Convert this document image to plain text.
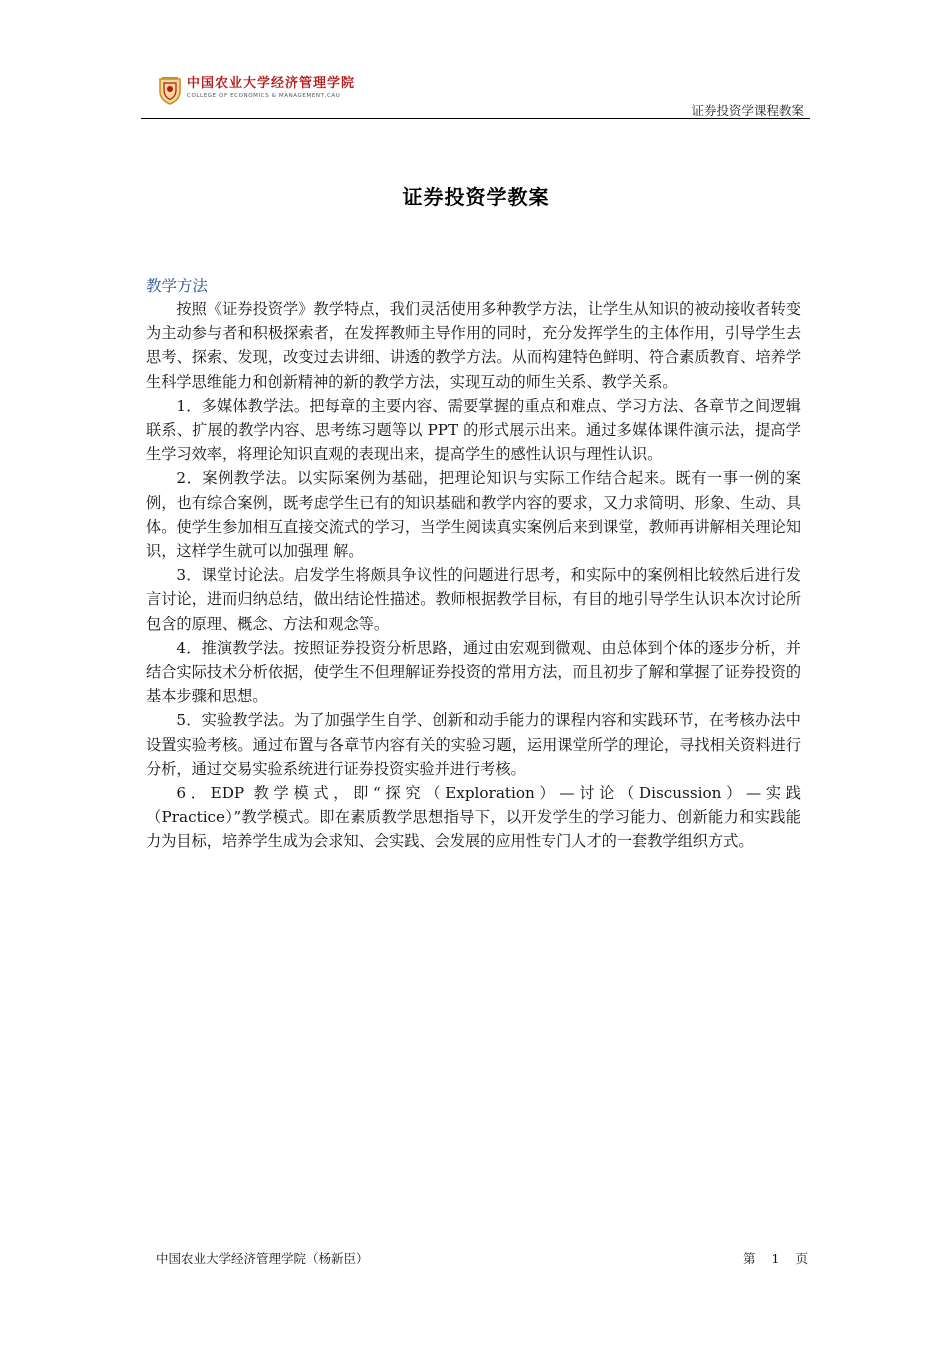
中国农业大学经济管理学院
COLLEGE OF ECONOMICS & MANAGEMENT,CAU
证券投资学课程教案
证券投资学教案
教学方法

按照《证券投资学》教学特点，我们灵活使用多种教学方法，让学生从知识的被动接收者转变为主动参与者和积极探索者，在发挥教师主导作用的同时，充分发挥学生的主体作用，引导学生去思考、探索、发现，改变过去讲细、讲透的教学方法。从而构建特色鲜明、符合素质教育、培养学生科学思维能力和创新精神的新的教学方法，实现互动的师生关系、教学关系。

1．多媒体教学法。把每章的主要内容、需要掌握的重点和难点、学习方法、各章节之间逻辑联系、扩展的教学内容、思考练习题等以 PPT 的形式展示出来。通过多媒体课件演示法，提高学生学习效率，将理论知识直观的表现出来，提高学生的感性认识与理性认识。

2．案例教学法。以实际案例为基础，把理论知识与实际工作结合起来。既有一事一例的案例，也有综合案例，既考虑学生已有的知识基础和教学内容的要求，又力求简明、形象、生动、具体。使学生参加相互直接交流式的学习，当学生阅读真实案例后来到课堂，教师再讲解相关理论知识，这样学生就可以加强理 解。

3．课堂讨论法。启发学生将颇具争议性的问题进行思考，和实际中的案例相比较然后进行发言讨论，进而归纳总结，做出结论性描述。教师根据教学目标，有目的地引导学生认识本次讨论所包含的原理、概念、方法和观念等。

4．推演教学法。按照证券投资分析思路，通过由宏观到微观、由总体到个体的逐步分析，并结合实际技术分析依据，使学生不但理解证券投资的常用方法，而且初步了解和掌握了证券投资的基本步骤和思想。

5．实验教学法。为了加强学生自学、创新和动手能力的课程内容和实践环节，在考核办法中设置实验考核。通过布置与各章节内容有关的实验习题，运用课堂所学的理论，寻找相关资料进行分析，通过交易实验系统进行证券投资实验并进行考核。

6．EDP 教学模式，即“探究（Exploration）—讨论（Discussion）—实践（Practice）”教学模式。即在素质教学思想指导下，以开发学生的学习能力、创新能力和实践能力为目标，培养学生成为会求知、会实践、会发展的应用性专门人才的一套教学组织方式。

中国农业大学经济管理学院（杨新臣）	第 1 页
